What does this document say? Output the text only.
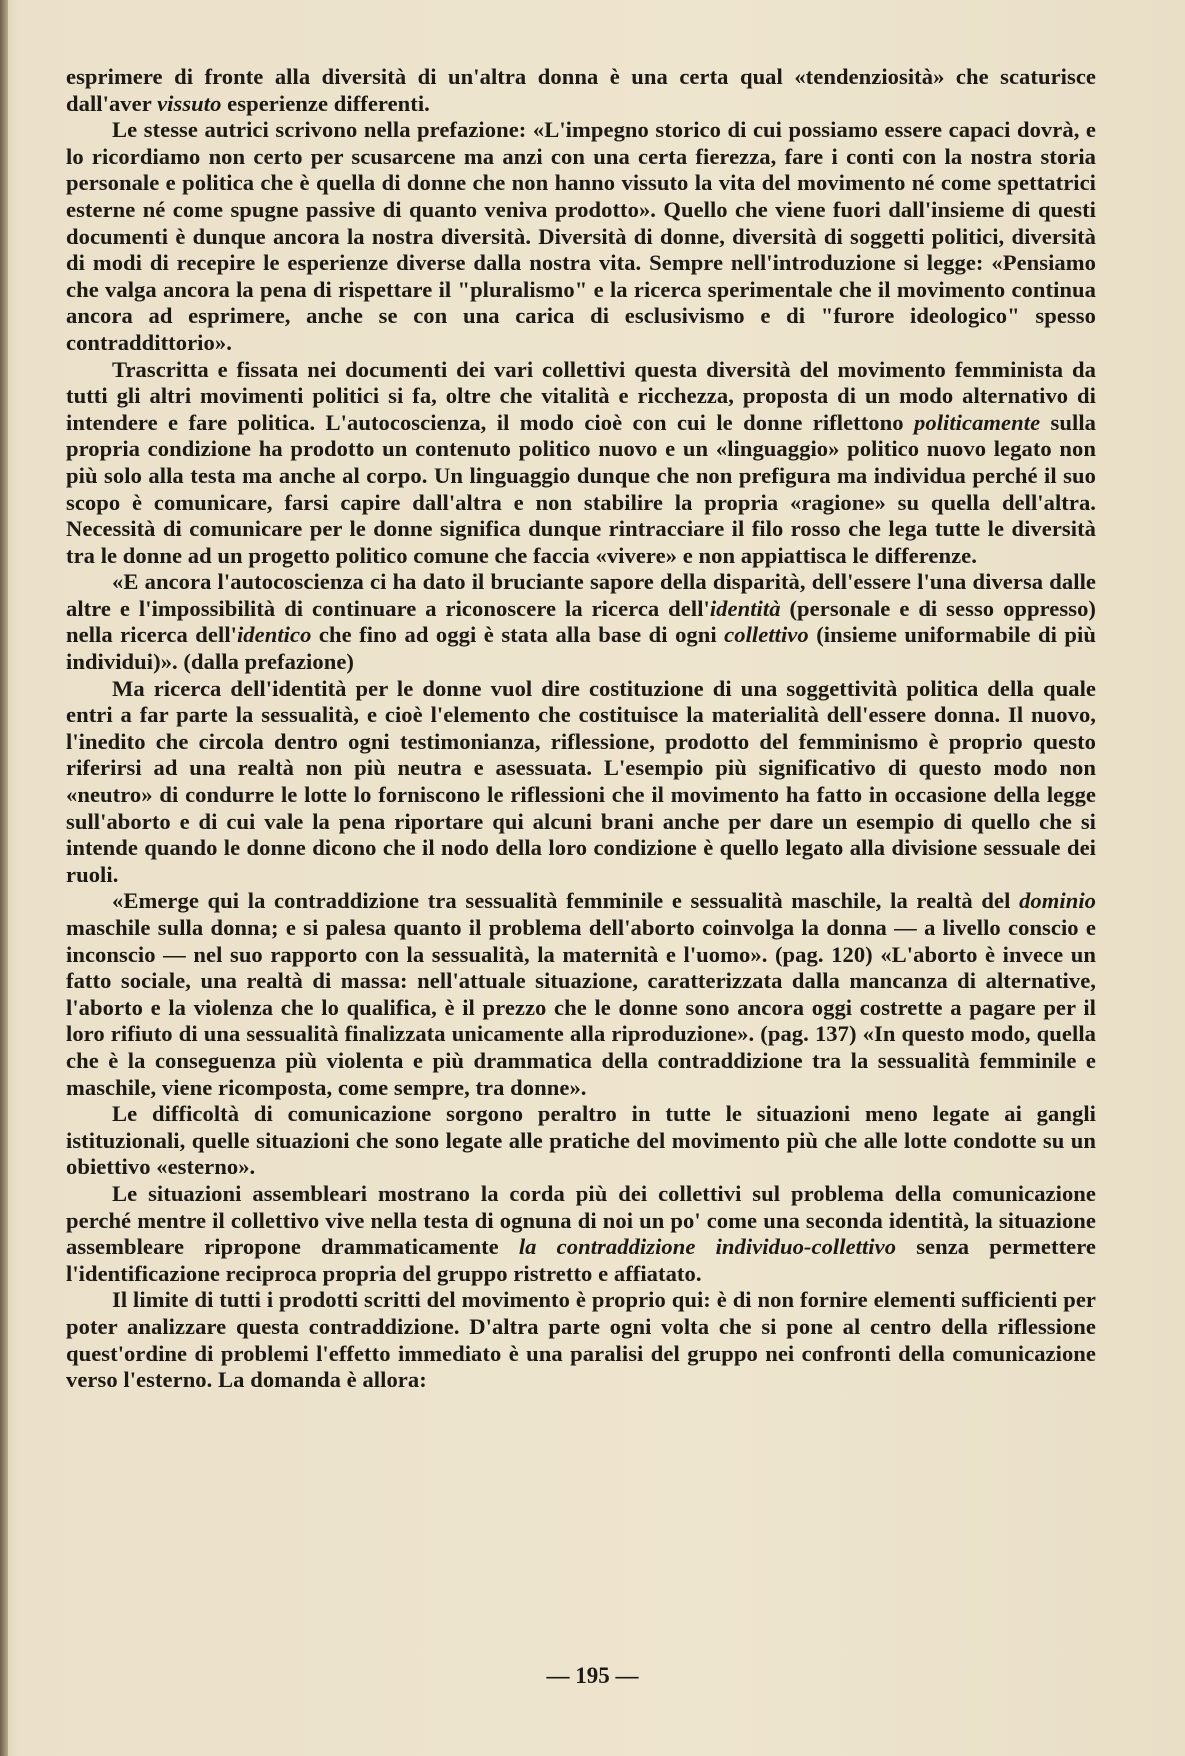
esprimere di fronte alla diversità di un'altra donna è una certa qual «tendenziosità» che scaturisce dall'aver vissuto esperienze differenti.

Le stesse autrici scrivono nella prefazione: «L'impegno storico di cui possiamo essere capaci dovrà, e lo ricordiamo non certo per scusarcene ma anzi con una certa fierezza, fare i conti con la nostra storia personale e politica che è quella di donne che non hanno vissuto la vita del movimento né come spettatrici esterne né come spugne passive di quanto veniva prodotto». Quello che viene fuori dall'insieme di questi documenti è dunque ancora la nostra diversità. Diversità di donne, diversità di soggetti politici, diversità di modi di recepire le esperienze diverse dalla nostra vita. Sempre nell'introduzione si legge: «Pensiamo che valga ancora la pena di rispettare il "pluralismo" e la ricerca sperimentale che il movimento continua ancora ad esprimere, anche se con una carica di esclusivismo e di "furore ideologico" spesso contraddittorio».

Trascritta e fissata nei documenti dei vari collettivi questa diversità del movimento femminista da tutti gli altri movimenti politici si fa, oltre che vitalità e ricchezza, proposta di un modo alternativo di intendere e fare politica. L'autocoscienza, il modo cioè con cui le donne riflettono politicamente sulla propria condizione ha prodotto un contenuto politico nuovo e un «linguaggio» politico nuovo legato non più solo alla testa ma anche al corpo. Un linguaggio dunque che non prefigura ma individua perché il suo scopo è comunicare, farsi capire dall'altra e non stabilire la propria «ragione» su quella dell'altra. Necessità di comunicare per le donne significa dunque rintracciare il filo rosso che lega tutte le diversità tra le donne ad un progetto politico comune che faccia «vivere» e non appiattisca le differenze.

«E ancora l'autocoscienza ci ha dato il bruciante sapore della disparità, dell'essere l'una diversa dalle altre e l'impossibilità di continuare a riconoscere la ricerca dell'identità (personale e di sesso oppresso) nella ricerca dell'identico che fino ad oggi è stata alla base di ogni collettivo (insieme uniformabile di più individui)». (dalla prefazione)

Ma ricerca dell'identità per le donne vuol dire costituzione di una soggettività politica della quale entri a far parte la sessualità, e cioè l'elemento che costituisce la materialità dell'essere donna. Il nuovo, l'inedito che circola dentro ogni testimonianza, riflessione, prodotto del femminismo è proprio questo riferirsi ad una realtà non più neutra e asessuata. L'esempio più significativo di questo modo non «neutro» di condurre le lotte lo forniscono le riflessioni che il movimento ha fatto in occasione della legge sull'aborto e di cui vale la pena riportare qui alcuni brani anche per dare un esempio di quello che si intende quando le donne dicono che il nodo della loro condizione è quello legato alla divisione sessuale dei ruoli.

«Emerge qui la contraddizione tra sessualità femminile e sessualità maschile, la realtà del dominio maschile sulla donna; e si palesa quanto il problema dell'aborto coinvolga la donna — a livello conscio e inconscio — nel suo rapporto con la sessualità, la maternità e l'uomo». (pag. 120) «L'aborto è invece un fatto sociale, una realtà di massa: nell'attuale situazione, caratterizzata dalla mancanza di alternative, l'aborto e la violenza che lo qualifica, è il prezzo che le donne sono ancora oggi costrette a pagare per il loro rifiuto di una sessualità finalizzata unicamente alla riproduzione». (pag. 137) «In questo modo, quella che è la conseguenza più violenta e più drammatica della contraddizione tra la sessualità femminile e maschile, viene ricomposta, come sempre, tra donne».

Le difficoltà di comunicazione sorgono peraltro in tutte le situazioni meno legate ai gangli istituzionali, quelle situazioni che sono legate alle pratiche del movimento più che alle lotte condotte su un obiettivo «esterno».

Le situazioni assembleari mostrano la corda più dei collettivi sul problema della comunicazione perché mentre il collettivo vive nella testa di ognuna di noi un po' come una seconda identità, la situazione assembleare ripropone drammaticamente la contraddizione individuo-collettivo senza permettere l'identificazione reciproca propria del gruppo ristretto e affiatato.

Il limite di tutti i prodotti scritti del movimento è proprio qui: è di non fornire elementi sufficienti per poter analizzare questa contraddizione. D'altra parte ogni volta che si pone al centro della riflessione quest'ordine di problemi l'effetto immediato è una paralisi del gruppo nei confronti della comunicazione verso l'esterno. La domanda è allora:

— 195 —
